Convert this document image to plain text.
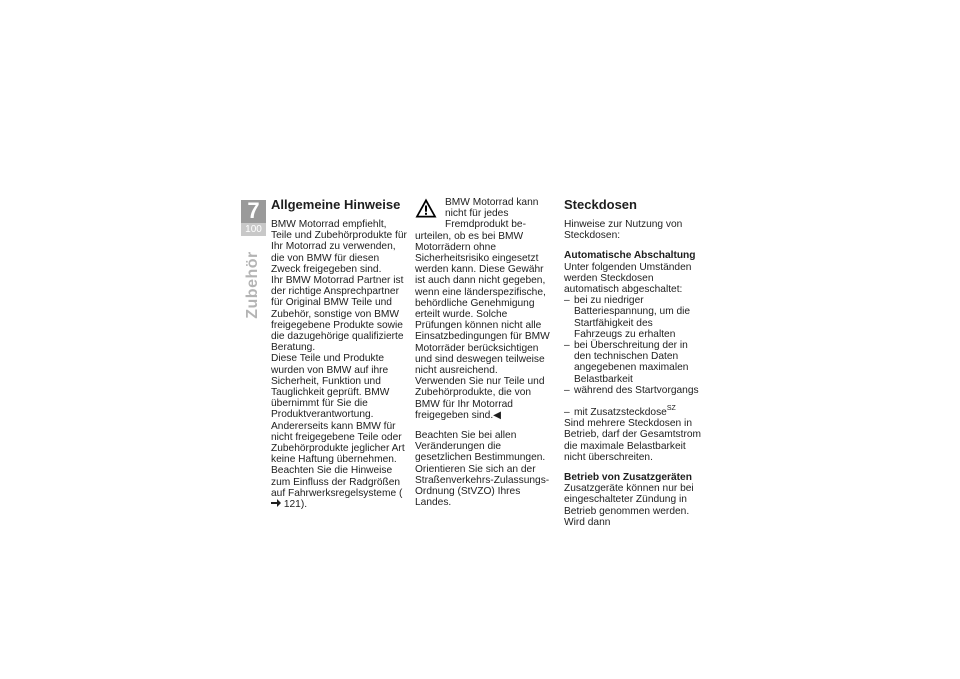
7
100
Zubehör
Allgemeine Hinweise

BMW Motorrad empfiehlt, Teile und Zubehörprodukte für Ihr Motorrad zu verwenden, die von BMW für diesen Zweck freigegeben sind.

Ihr BMW Motorrad Partner ist der richtige Ansprechpartner für Original BMW Teile und Zubehör, sonstige von BMW freigegebene Produkte sowie die dazugehörige qualifizierte Beratung.

Diese Teile und Produkte wurden von BMW auf ihre Sicherheit, Funktion und Tauglichkeit geprüft. BMW übernimmt für Sie die Produktverantwortung.

Andererseits kann BMW für nicht freigegebene Teile oder Zubehörprodukte jeglicher Art keine Haftung übernehmen.

Beachten Sie die Hinweise zum Einfluss der Radgrößen auf Fahrwerksregelsysteme ( 121).

BMW Motorrad kann nicht für jedes Fremdprodukt beurteilen, ob es bei BMW Motorrädern ohne Sicherheitsrisiko eingesetzt werden kann. Diese Gewähr ist auch dann nicht gegeben, wenn eine länderspezifische, behördliche Genehmigung erteilt wurde. Solche Prüfungen können nicht alle Einsatzbedingungen für BMW Motorräder berücksichtigen und sind deswegen teilweise nicht ausreichend. Verwenden Sie nur Teile und Zubehörprodukte, die von BMW für Ihr Motorrad freigegeben sind.◀

Beachten Sie bei allen Veränderungen die gesetzlichen Bestimmungen. Orientieren Sie sich an der Straßenverkehrs-ZulassungsOrdnung (StVZO) Ihres Landes.

Steckdosen

Hinweise zur Nutzung von Steckdosen:

Automatische Abschaltung

Unter folgenden Umständen werden Steckdosen automatisch abgeschaltet:

– bei zu niedriger Batteriespannung, um die Startfähigkeit des Fahrzeugs zu erhalten
– bei Überschreitung der in den technischen Daten angegebenen maximalen Belastbarkeit
– während des Startvorgangs
– mit Zusatzsteckdose$^{SZ}$

Sind mehrere Steckdosen in Betrieb, darf der Gesamtstrom die maximale Belastbarkeit nicht überschreiten.

Betrieb von Zusatzgeräten

Zusatzgeräte können nur bei eingeschalteter Zündung in Betrieb genommen werden. Wird dann
